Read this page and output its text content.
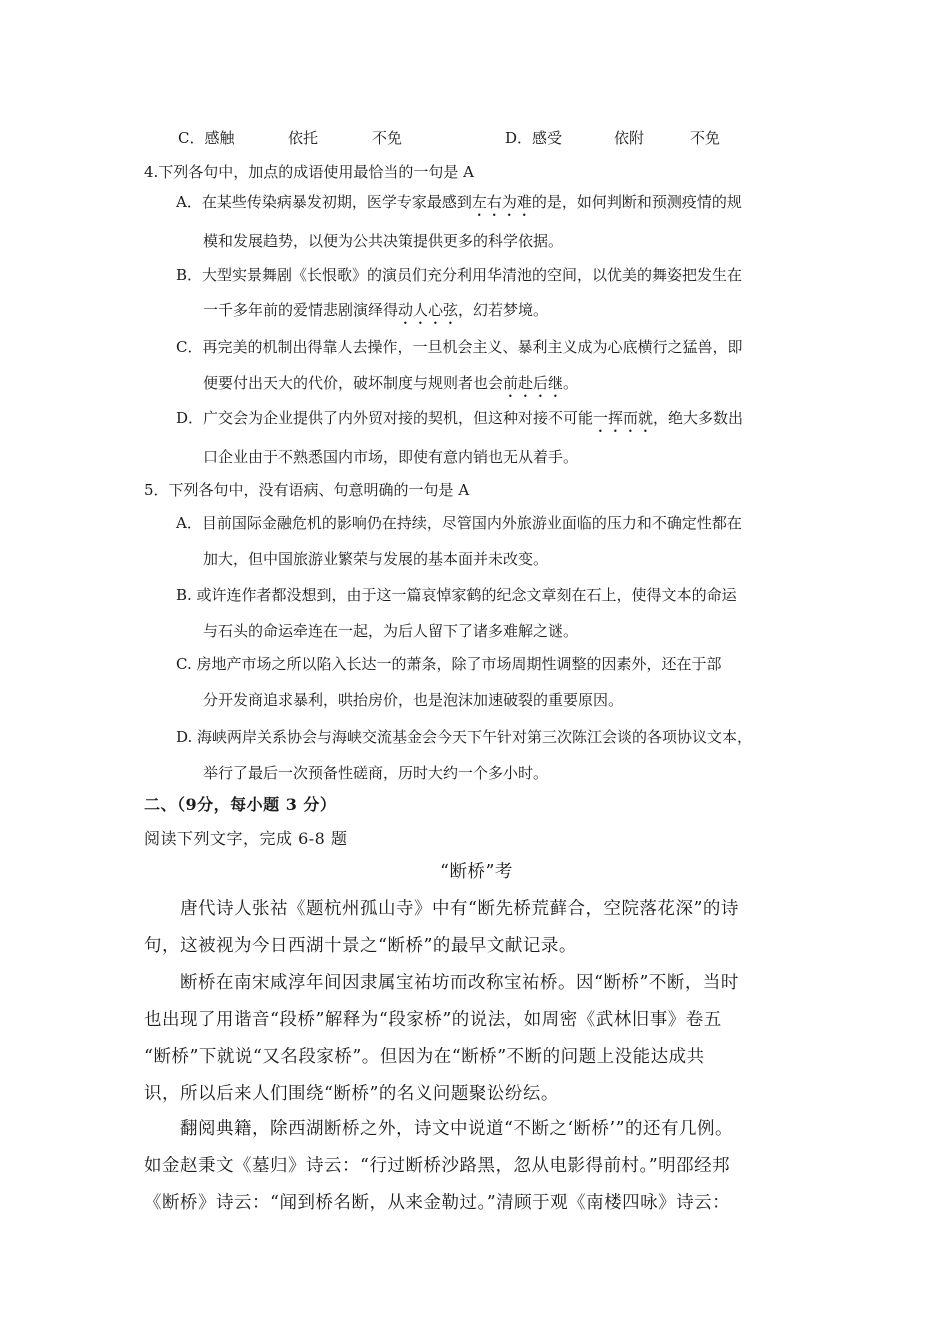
C．感触	依托	不免	D．感受	依附	不免
4.下列各句中，加点的成语使用最恰当的一句是 A
A．在某些传染病暴发初期，医学专家最感到左右为难的是，如何判断和预测疫情的规
模和发展趋势，以便为公共决策提供更多的科学依据。
B．大型实景舞剧《长恨歌》的演员们充分利用华清池的空间，以优美的舞姿把发生在
一千多年前的爱情悲剧演绎得动人心弦，幻若梦境。
C．再完美的机制出得靠人去操作，一旦机会主义、暴利主义成为心底横行之猛兽，即
便要付出天大的代价，破坏制度与规则者也会前赴后继。
D．广交会为企业提供了内外贸对接的契机，但这种对接不可能一挥而就，绝大多数出
口企业由于不熟悉国内市场，即使有意内销也无从着手。
5．下列各句中，没有语病、句意明确的一句是 A
A．目前国际金融危机的影响仍在持续，尽管国内外旅游业面临的压力和不确定性都在
加大，但中国旅游业繁荣与发展的基本面并未改变。
B. 或许连作者都没想到，由于这一篇哀悼家鹤的纪念文章刻在石上，使得文本的命运
与石头的命运牵连在一起，为后人留下了诸多难解之谜。
C. 房地产市场之所以陷入长达一的萧条，除了市场周期性调整的因素外，还在于部
分开发商追求暴利，哄抬房价，也是泡沫加速破裂的重要原因。
D. 海峡两岸关系协会与海峡交流基金会今天下午针对第三次陈江会谈的各项协议文本，
举行了最后一次预备性磋商，历时大约一个多小时。
二、（9分，每小题 3 分）
阅读下列文字，完成 6-8 题
“断桥”考
唐代诗人张祜《题杭州孤山寺》中有“断先桥荒藓合，空院落花深”的诗
句，这被视为今日西湖十景之“断桥”的最早文献记录。
断桥在南宋咸淳年间因隶属宝祐坊而改称宝祐桥。因“断桥”不断，当时
也出现了用谐音“段桥”解释为“段家桥”的说法，如周密《武林旧事》卷五
“断桥”下就说“又名段家桥”。但因为在“断桥”不断的问题上没能达成共
识，所以后来人们围绕“断桥”的名义问题聚讼纷纭。
翻阅典籍，除西湖断桥之外，诗文中说道“不断之‘断桥’”的还有几例。
如金赵秉文《墓归》诗云：“行过断桥沙路黑，忽从电影得前村。”明邵经邦
《断桥》诗云：“闻到桥名断，从来金勒过。”清顾于观《南楼四咏》诗云：
